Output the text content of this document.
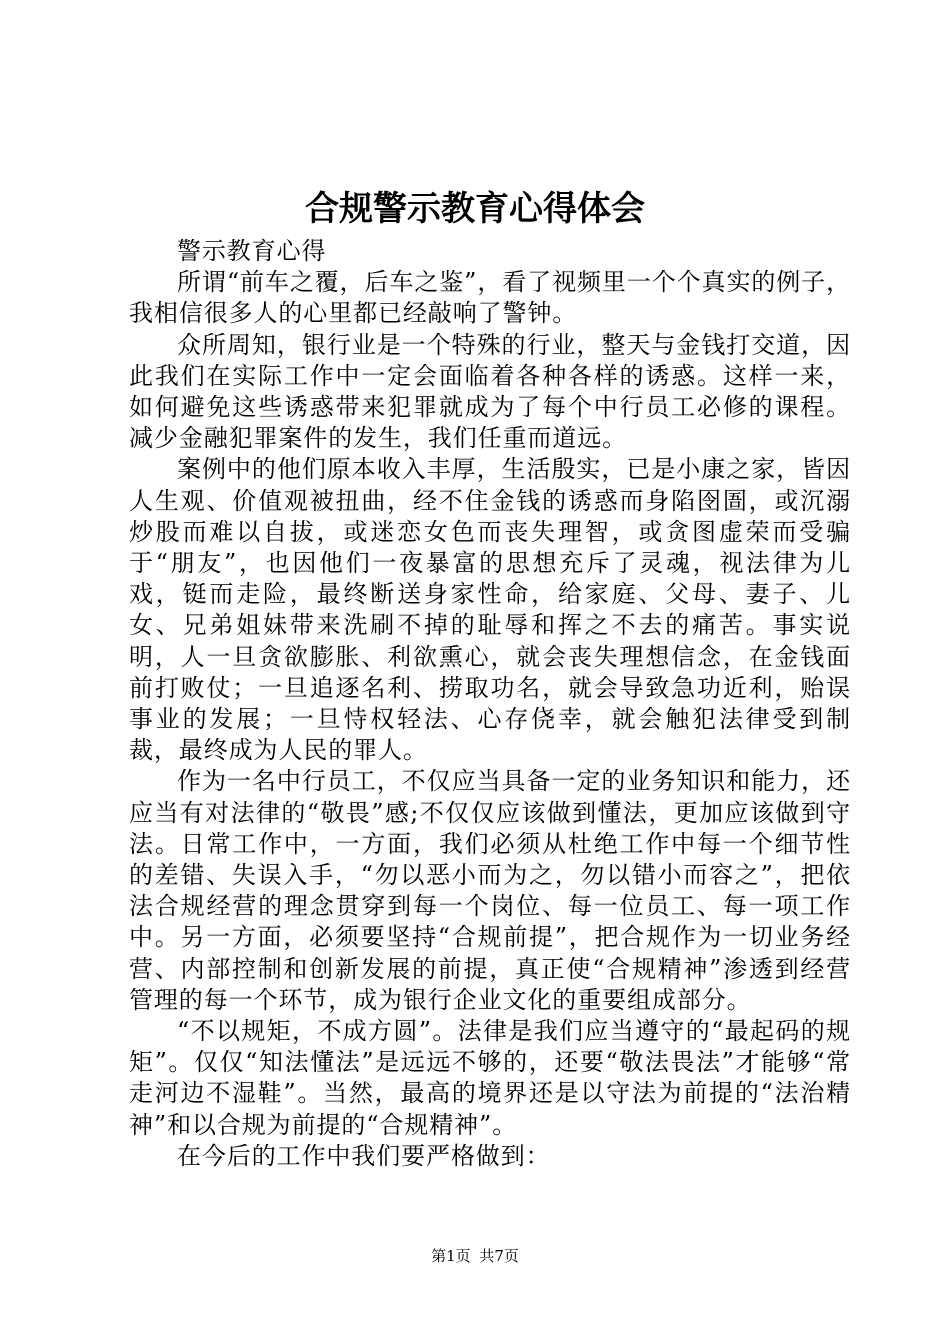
合规警示教育心得体会

警示教育心得

所谓“前车之覆，后车之鉴”，看了视频里一个个真实的例子，我相信很多人的心里都已经敲响了警钟。

众所周知，银行业是一个特殊的行业，整天与金钱打交道，因此我们在实际工作中一定会面临着各种各样的诱惑。这样一来，如何避免这些诱惑带来犯罪就成为了每个中行员工必修的课程。减少金融犯罪案件的发生，我们任重而道远。

案例中的他们原本收入丰厚，生活殷实，已是小康之家，皆因人生观、价值观被扭曲，经不住金钱的诱惑而身陷囹圄，或沉溺炒股而难以自拔，或迷恋女色而丧失理智，或贪图虚荣而受骗于“朋友”，也因他们一夜暴富的思想充斥了灵魂，视法律为儿戏，铤而走险，最终断送身家性命，给家庭、父母、妻子、儿女、兄弟姐妹带来洗刷不掉的耻辱和挥之不去的痛苦。事实说明，人一旦贪欲膨胀、利欲熏心，就会丧失理想信念，在金钱面前打败仗；一旦追逐名利、捞取功名，就会导致急功近利，贻误事业的发展；一旦恃权轻法、心存侥幸，就会触犯法律受到制裁，最终成为人民的罪人。

作为一名中行员工，不仅应当具备一定的业务知识和能力，还应当有对法律的“敬畏”感;不仅仅应该做到懂法，更加应该做到守法。日常工作中，一方面，我们必须从杜绝工作中每一个细节性的差错、失误入手，“勿以恶小而为之，勿以错小而容之”，把依法合规经营的理念贯穿到每一个岗位、每一位员工、每一项工作中。另一方面，必须要坚持“合规前提”，把合规作为一切业务经营、内部控制和创新发展的前提，真正使“合规精神”渗透到经营管理的每一个环节，成为银行企业文化的重要组成部分。

“不以规矩，不成方圆”。法律是我们应当遵守的“最起码的规矩”。仅仅“知法懂法”是远远不够的，还要“敬法畏法”才能够“常走河边不湿鞋”。当然，最高的境界还是以守法为前提的“法治精神”和以合规为前提的“合规精神”。

在今后的工作中我们要严格做到：

第1页 共7页
